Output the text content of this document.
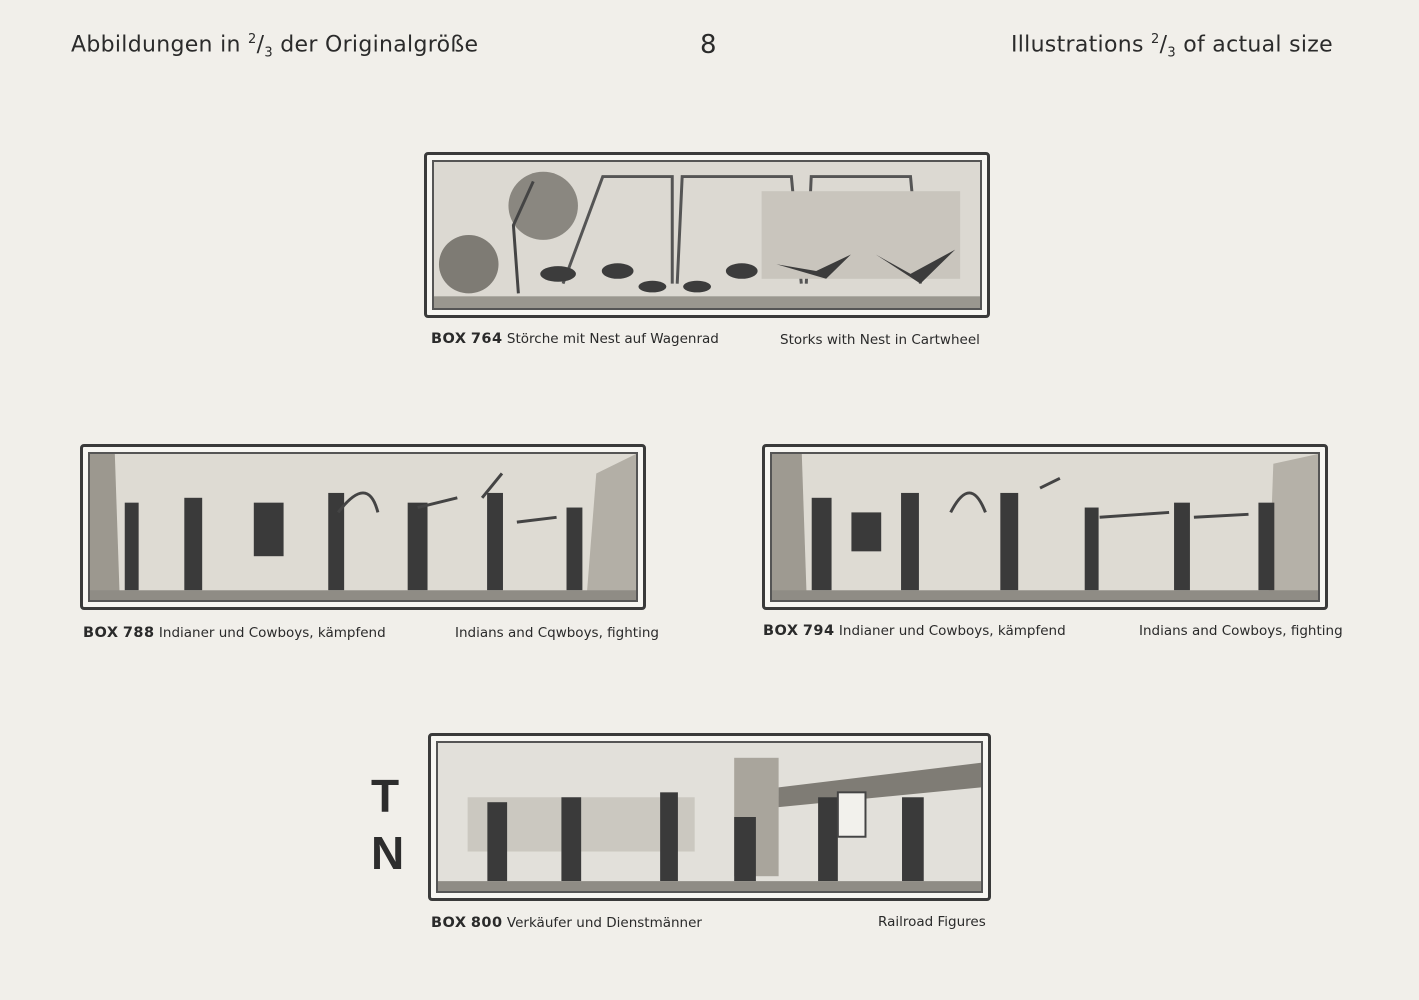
Abbildungen in $^2/_3$ der Originalgröße	8	Illustrations $^2/_3$ of actual size
BOX 764 Störche mit Nest auf Wagenrad	Storks with Nest in Cartwheel
BOX 788 Indianer und Cowboys, kämpfend	Indians and Cqwboys, fighting	BOX 794 Indianer und Cowboys, kämpfend	Indians and Cowboys, fighting
T
N
BOX 800 Verkäufer und Dienstmänner	Railroad Figures
